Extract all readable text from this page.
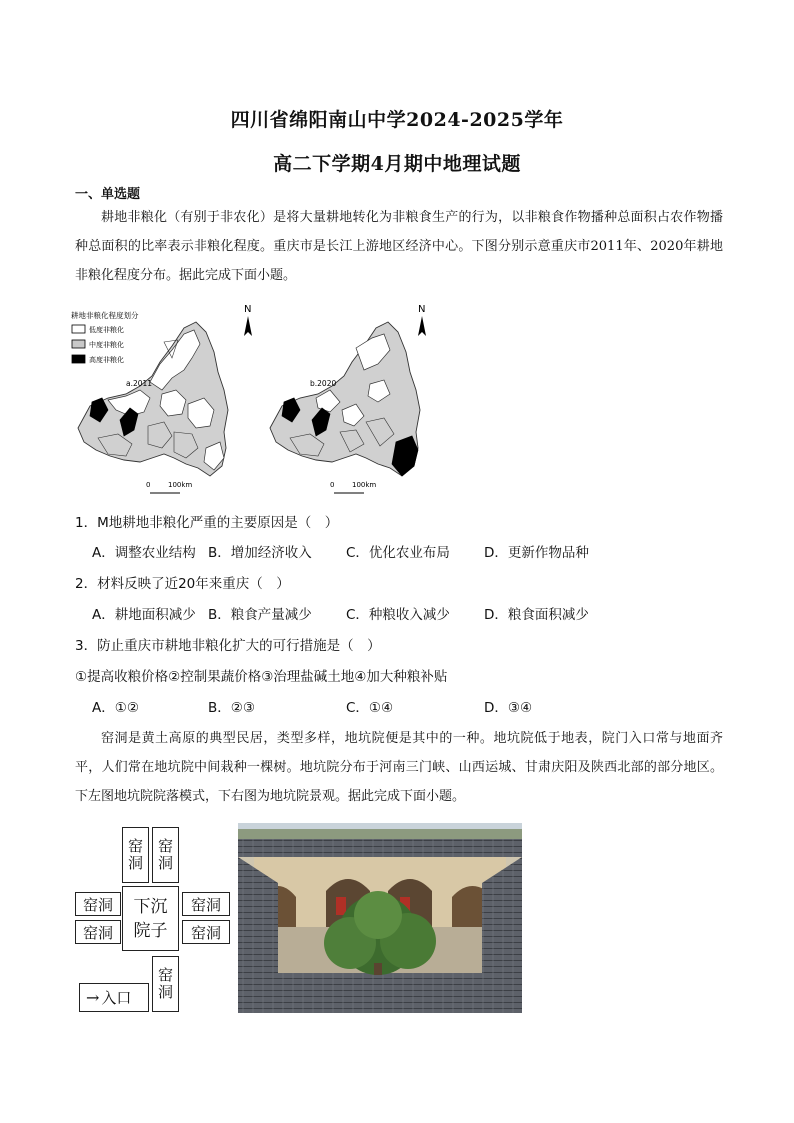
四川省绵阳南山中学2024-2025学年
高二下学期4月期中地理试题
一、单选题
耕地非粮化（有别于非农化）是将大量耕地转化为非粮食生产的行为，以非粮食作物播种总面积占农作物播种总面积的比率表示非粮化程度。重庆市是长江上游地区经济中心。下图分别示意重庆市2011年、2020年耕地非粮化程度分布。据此完成下面小题。
耕地非粮化程度划分
低度非粮化
中度非粮化
高度非粮化
a.2011
N
0	100km
b.2020
N
0	100km
1．M地耕地非粮化严重的主要原因是（　）
A．调整农业结构 B．增加经济收入	C．优化农业布局	D．更新作物品种
2．材料反映了近20年来重庆（　）
A．耕地面积减少 B．粮食产量减少	C．种粮收入减少	D．粮食面积减少
3．防止重庆市耕地非粮化扩大的可行措施是（　）
①提高收粮价格②控制果蔬价格③治理盐碱土地④加大种粮补贴
A．①②	B．②③	C．①④	D．③④
窑洞是黄土高原的典型民居，类型多样，地坑院便是其中的一种。地坑院低于地表，院门入口常与地面齐平，人们常在地坑院中间栽种一棵树。地坑院分布于河南三门峡、山西运城、甘肃庆阳及陕西北部的部分地区。下左图地坑院院落模式，下右图为地坑院景观。据此完成下面小题。
窑洞 窑洞
窑洞
窑洞
窑洞
窑洞
下沉
院子
窑洞
→ 入口
